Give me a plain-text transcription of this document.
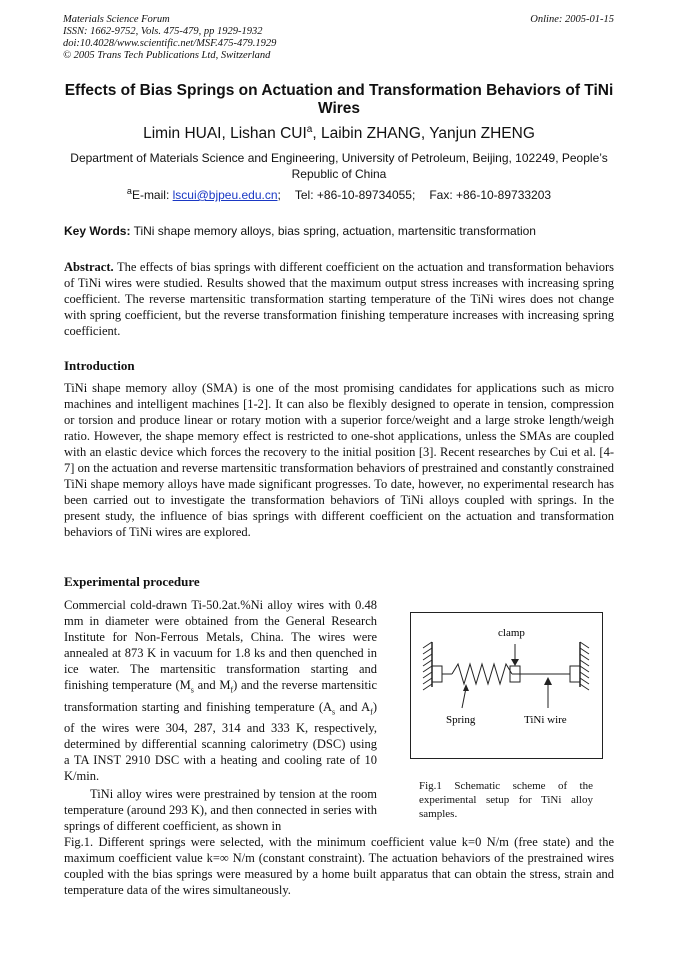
Materials Science Forum
ISSN: 1662-9752, Vols. 475-479, pp 1929-1932
doi:10.4028/www.scientific.net/MSF.475-479.1929
© 2005 Trans Tech Publications Ltd, Switzerland
Online: 2005-01-15
Effects of Bias Springs on Actuation and Transformation Behaviors of TiNi Wires
Limin HUAI, Lishan CUI$^a$, Laibin ZHANG, Yanjun ZHENG
Department of Materials Science and Engineering, University of Petroleum, Beijing, 102249, People’s Republic of China
$^a$E-mail: lscui@bjpeu.edu.cn; Tel: +86-10-89734055; Fax: +86-10-89733203
Key Words: TiNi shape memory alloys, bias spring, actuation, martensitic transformation
Abstract. The effects of bias springs with different coefficient on the actuation and transformation behaviors of TiNi wires were studied. Results showed that the maximum output stress increases with increasing spring coefficient. The reverse martensitic transformation starting temperature of the TiNi wires does not change with spring coefficient, but the reverse transformation finishing temperature increases with increasing spring coefficient.
Introduction
TiNi shape memory alloy (SMA) is one of the most promising candidates for applications such as micro machines and intelligent machines [1-2]. It can also be flexibly designed to operate in tension, compression or torsion and produce linear or rotary motion with a superior force/weight and a large stroke length/weigh ratio. However, the shape memory effect is restricted to one-shot applications, unless the SMAs are coupled with an elastic device which forces the recovery to the initial position [3]. Recent researches by Cui et al. [4-7] on the actuation and reverse martensitic transformation behaviors of prestrained and constantly constrained TiNi shape memory alloys have made significant progresses. To date, however, no experimental research has been carried out to investigate the transformation behaviors of TiNi alloys coupled with springs. In the present study, the influence of bias springs with different coefficient on the actuation and transformation behaviors of TiNi wires are explored.
Experimental procedure
Commercial cold-drawn Ti-50.2at.%Ni alloy wires with 0.48 mm in diameter were obtained from the General Research Institute for Non-Ferrous Metals, China. The wires were annealed at 873 K in vacuum for 1.8 ks and then quenched in ice water. The martensitic transformation starting and finishing temperature ($M_s$ and $M_f$) and the reverse martensitic transformation starting and finishing temperature ($A_s$ and $A_f$) of the wires were 304, 287, 314 and 333 K, respectively, determined by differential scanning calorimetry (DSC) using a TA INST 2910 DSC with a heating and cooling rate of 10 K/min.
TiNi alloy wires were prestrained by tension at the room temperature (around 293 K), and then connected in series with springs of different coefficient, as shown in
Fig.1. Different springs were selected, with the minimum coefficient value k=0 N/m (free state) and the maximum coefficient value k=∞ N/m (constant constraint). The actuation behaviors of the prestrained wires coupled with the bias springs were measured by a home built apparatus that can obtain the stress, strain and temperature data of the wires simultaneously.
clamp
Spring	TiNi wire
Fig.1 Schematic scheme of the experimental setup for TiNi alloy samples.
